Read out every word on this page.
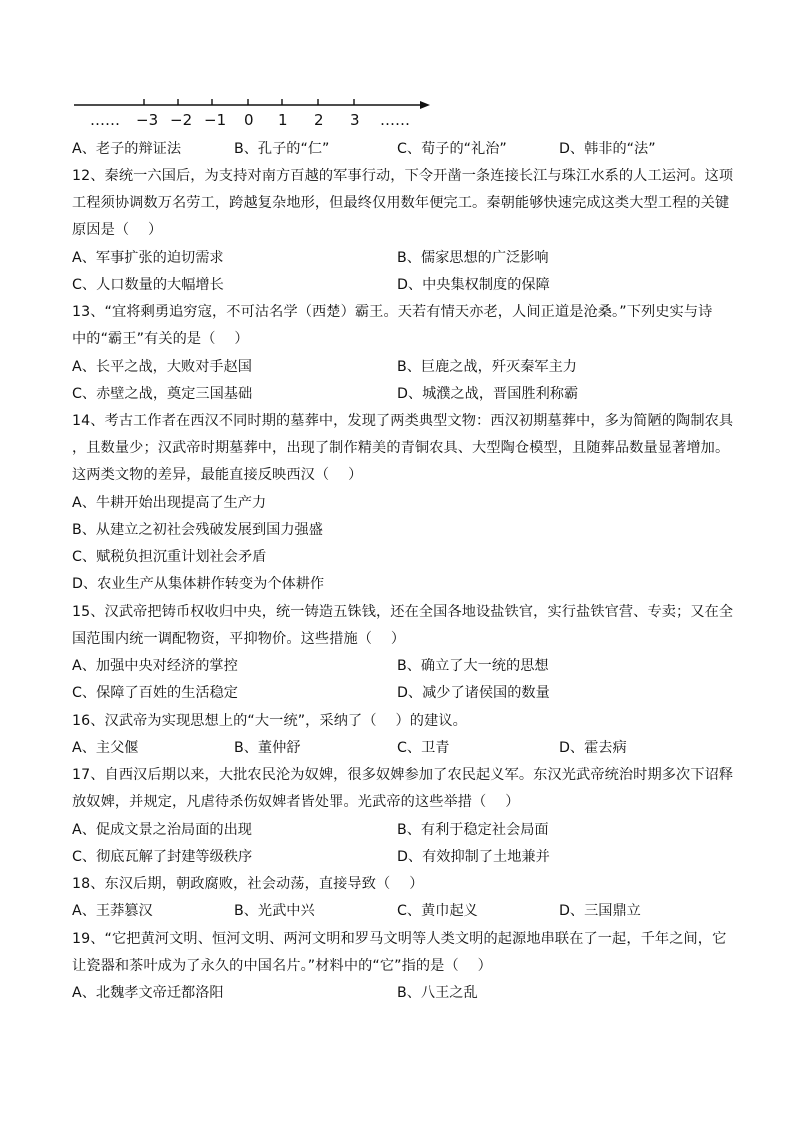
…… −3 −2 −1 0 1 2 3 ……
A、老子的辩证法	B、孔子的“仁”	C、荀子的“礼治”	D、韩非的“法”
12、秦统一六国后，为支持对南方百越的军事行动，下令开凿一条连接长江与珠江水系的人工运河。这项
工程须协调数万名劳工，跨越复杂地形，但最终仅用数年便完工。秦朝能够快速完成这类大型工程的关键
原因是（　 ）
A、军事扩张的迫切需求	B、儒家思想的广泛影响
C、人口数量的大幅增长	D、中央集权制度的保障
13、“宜将剩勇追穷寇，不可沽名学（西楚）霸王。天若有情天亦老，人间正道是沧桑。”下列史实与诗
中的“霸王”有关的是（　 ）
A、长平之战，大败对手赵国	B、巨鹿之战，歼灭秦军主力
C、赤壁之战，奠定三国基础	D、城濮之战，晋国胜利称霸
14、考古工作者在西汉不同时期的墓葬中，发现了两类典型文物：西汉初期墓葬中，多为简陋的陶制农具
，且数量少；汉武帝时期墓葬中，出现了制作精美的青铜农具、大型陶仓模型，且随葬品数量显著增加。
这两类文物的差异，最能直接反映西汉（　 ）
A、牛耕开始出现提高了生产力
B、从建立之初社会残破发展到国力强盛
C、赋税负担沉重计划社会矛盾
D、农业生产从集体耕作转变为个体耕作
15、汉武帝把铸币权收归中央，统一铸造五铢钱，还在全国各地设盐铁官，实行盐铁官营、专卖；又在全
国范围内统一调配物资，平抑物价。这些措施（　 ）
A、加强中央对经济的掌控	B、确立了大一统的思想
C、保障了百姓的生活稳定	D、减少了诸侯国的数量
16、汉武帝为实现思想上的“大一统”，采纳了（　 ）的建议。
A、主父偃	B、董仲舒	C、卫青	D、霍去病
17、自西汉后期以来，大批农民沦为奴婢，很多奴婢参加了农民起义军。东汉光武帝统治时期多次下诏释
放奴婢，并规定，凡虐待杀伤奴婢者皆处罪。光武帝的这些举措（　 ）
A、促成文景之治局面的出现	B、有利于稳定社会局面
C、彻底瓦解了封建等级秩序	D、有效抑制了土地兼并
18、东汉后期，朝政腐败，社会动荡，直接导致（　 ）
A、王莽篡汉	B、光武中兴	C、黄巾起义	D、三国鼎立
19、“它把黄河文明、恒河文明、两河文明和罗马文明等人类文明的起源地串联在了一起，千年之间，它
让瓷器和茶叶成为了永久的中国名片。”材料中的“它”指的是（　 ）
A、北魏孝文帝迁都洛阳	B、八王之乱
